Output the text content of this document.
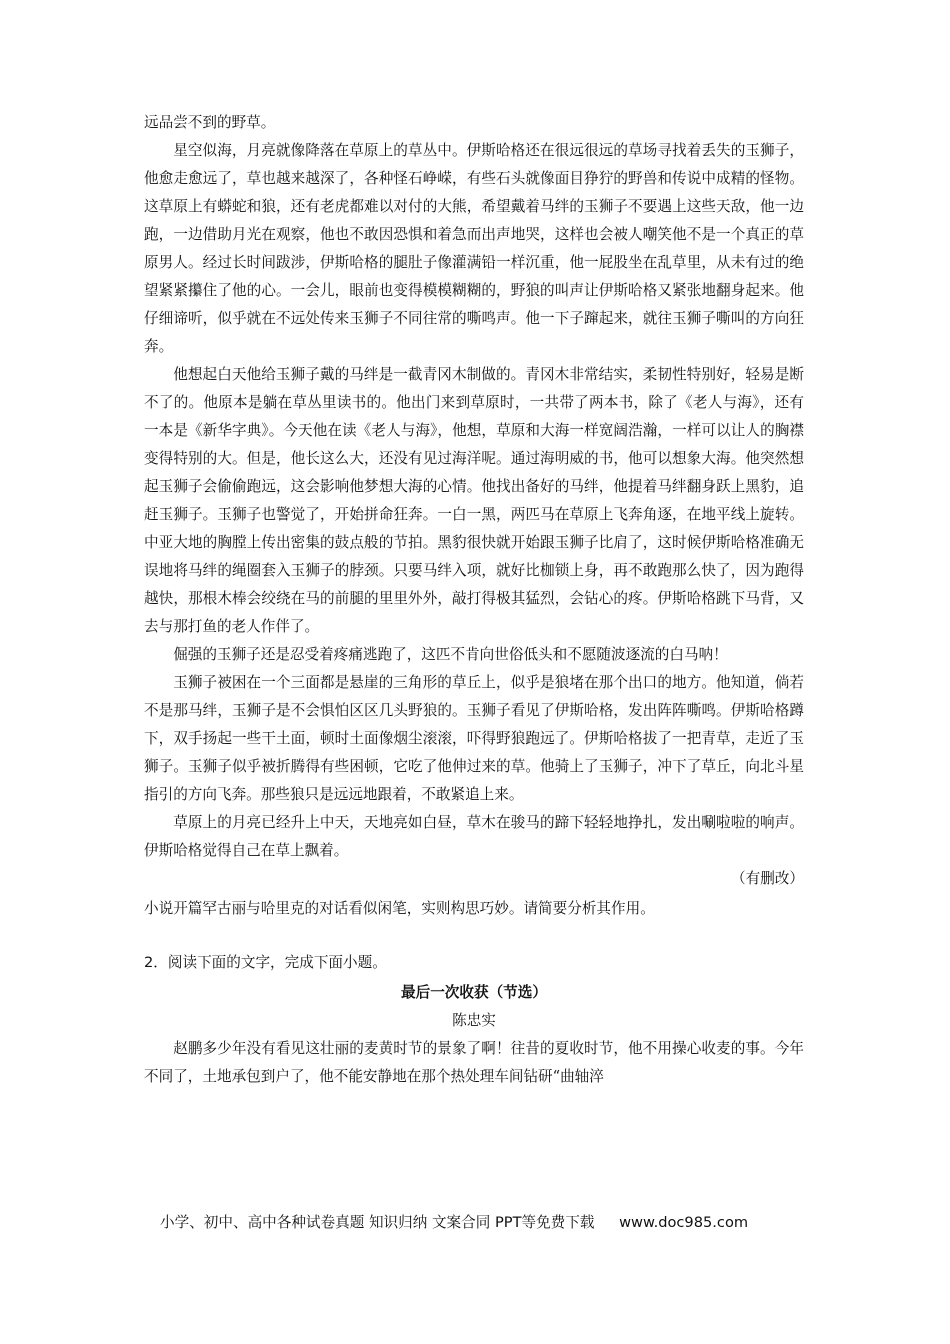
远品尝不到的野草。

星空似海，月亮就像降落在草原上的草丛中。伊斯哈格还在很远很远的草场寻找着丢失的玉狮子，他愈走愈远了，草也越来越深了，各种怪石峥嵘，有些石头就像面目狰狞的野兽和传说中成精的怪物。这草原上有蟒蛇和狼，还有老虎都难以对付的大熊，希望戴着马绊的玉狮子不要遇上这些天敌，他一边跑，一边借助月光在观察，他也不敢因恐惧和着急而出声地哭，这样也会被人嘲笑他不是一个真正的草原男人。经过长时间跋涉，伊斯哈格的腿肚子像灌满铅一样沉重，他一屁股坐在乱草里，从未有过的绝望紧紧攥住了他的心。一会儿，眼前也变得模模糊糊的，野狼的叫声让伊斯哈格又紧张地翻身起来。他仔细谛听，似乎就在不远处传来玉狮子不同往常的嘶鸣声。他一下子蹿起来，就往玉狮子嘶叫的方向狂奔。

他想起白天他给玉狮子戴的马绊是一截青冈木制做的。青冈木非常结实，柔韧性特别好，轻易是断不了的。他原本是躺在草丛里读书的。他出门来到草原时，一共带了两本书，除了《老人与海》，还有一本是《新华字典》。今天他在读《老人与海》，他想，草原和大海一样宽阔浩瀚，一样可以让人的胸襟变得特别的大。但是，他长这么大，还没有见过海洋呢。通过海明威的书，他可以想象大海。他突然想起玉狮子会偷偷跑远，这会影响他梦想大海的心情。他找出备好的马绊，他提着马绊翻身跃上黑豹，追赶玉狮子。玉狮子也警觉了，开始拼命狂奔。一白一黑，两匹马在草原上飞奔角逐，在地平线上旋转。中亚大地的胸膛上传出密集的鼓点般的节拍。黑豹很快就开始跟玉狮子比肩了，这时候伊斯哈格准确无误地将马绊的绳圈套入玉狮子的脖颈。只要马绊入项，就好比枷锁上身，再不敢跑那么快了，因为跑得越快，那根木棒会绞绕在马的前腿的里里外外，敲打得极其猛烈，会钻心的疼。伊斯哈格跳下马背，又去与那打鱼的老人作伴了。

倔强的玉狮子还是忍受着疼痛逃跑了，这匹不肯向世俗低头和不愿随波逐流的白马呐！

玉狮子被困在一个三面都是悬崖的三角形的草丘上，似乎是狼堵在那个出口的地方。他知道，倘若不是那马绊，玉狮子是不会惧怕区区几头野狼的。玉狮子看见了伊斯哈格，发出阵阵嘶鸣。伊斯哈格蹲下，双手扬起一些干土面，顿时土面像烟尘滚滚，吓得野狼跑远了。伊斯哈格拔了一把青草，走近了玉狮子。玉狮子似乎被折腾得有些困顿，它吃了他伸过来的草。他骑上了玉狮子，冲下了草丘，向北斗星指引的方向飞奔。那些狼只是远远地跟着，不敢紧追上来。

草原上的月亮已经升上中天，天地亮如白昼，草木在骏马的蹄下轻轻地挣扎，发出唰啦啦的响声。伊斯哈格觉得自己在草上飘着。

（有删改）

小说开篇罕古丽与哈里克的对话看似闲笔，实则构思巧妙。请简要分析其作用。

2．阅读下面的文字，完成下面小题。

最后一次收获（节选）

陈忠实

赵鹏多少年没有看见这壮丽的麦黄时节的景象了啊！往昔的夏收时节，他不用操心收麦的事。今年不同了，土地承包到户了，他不能安静地在那个热处理车间钻研“曲轴淬

小学、初中、高中各种试卷真题 知识归纳 文案合同 PPT等免费下载 www.doc985.com
